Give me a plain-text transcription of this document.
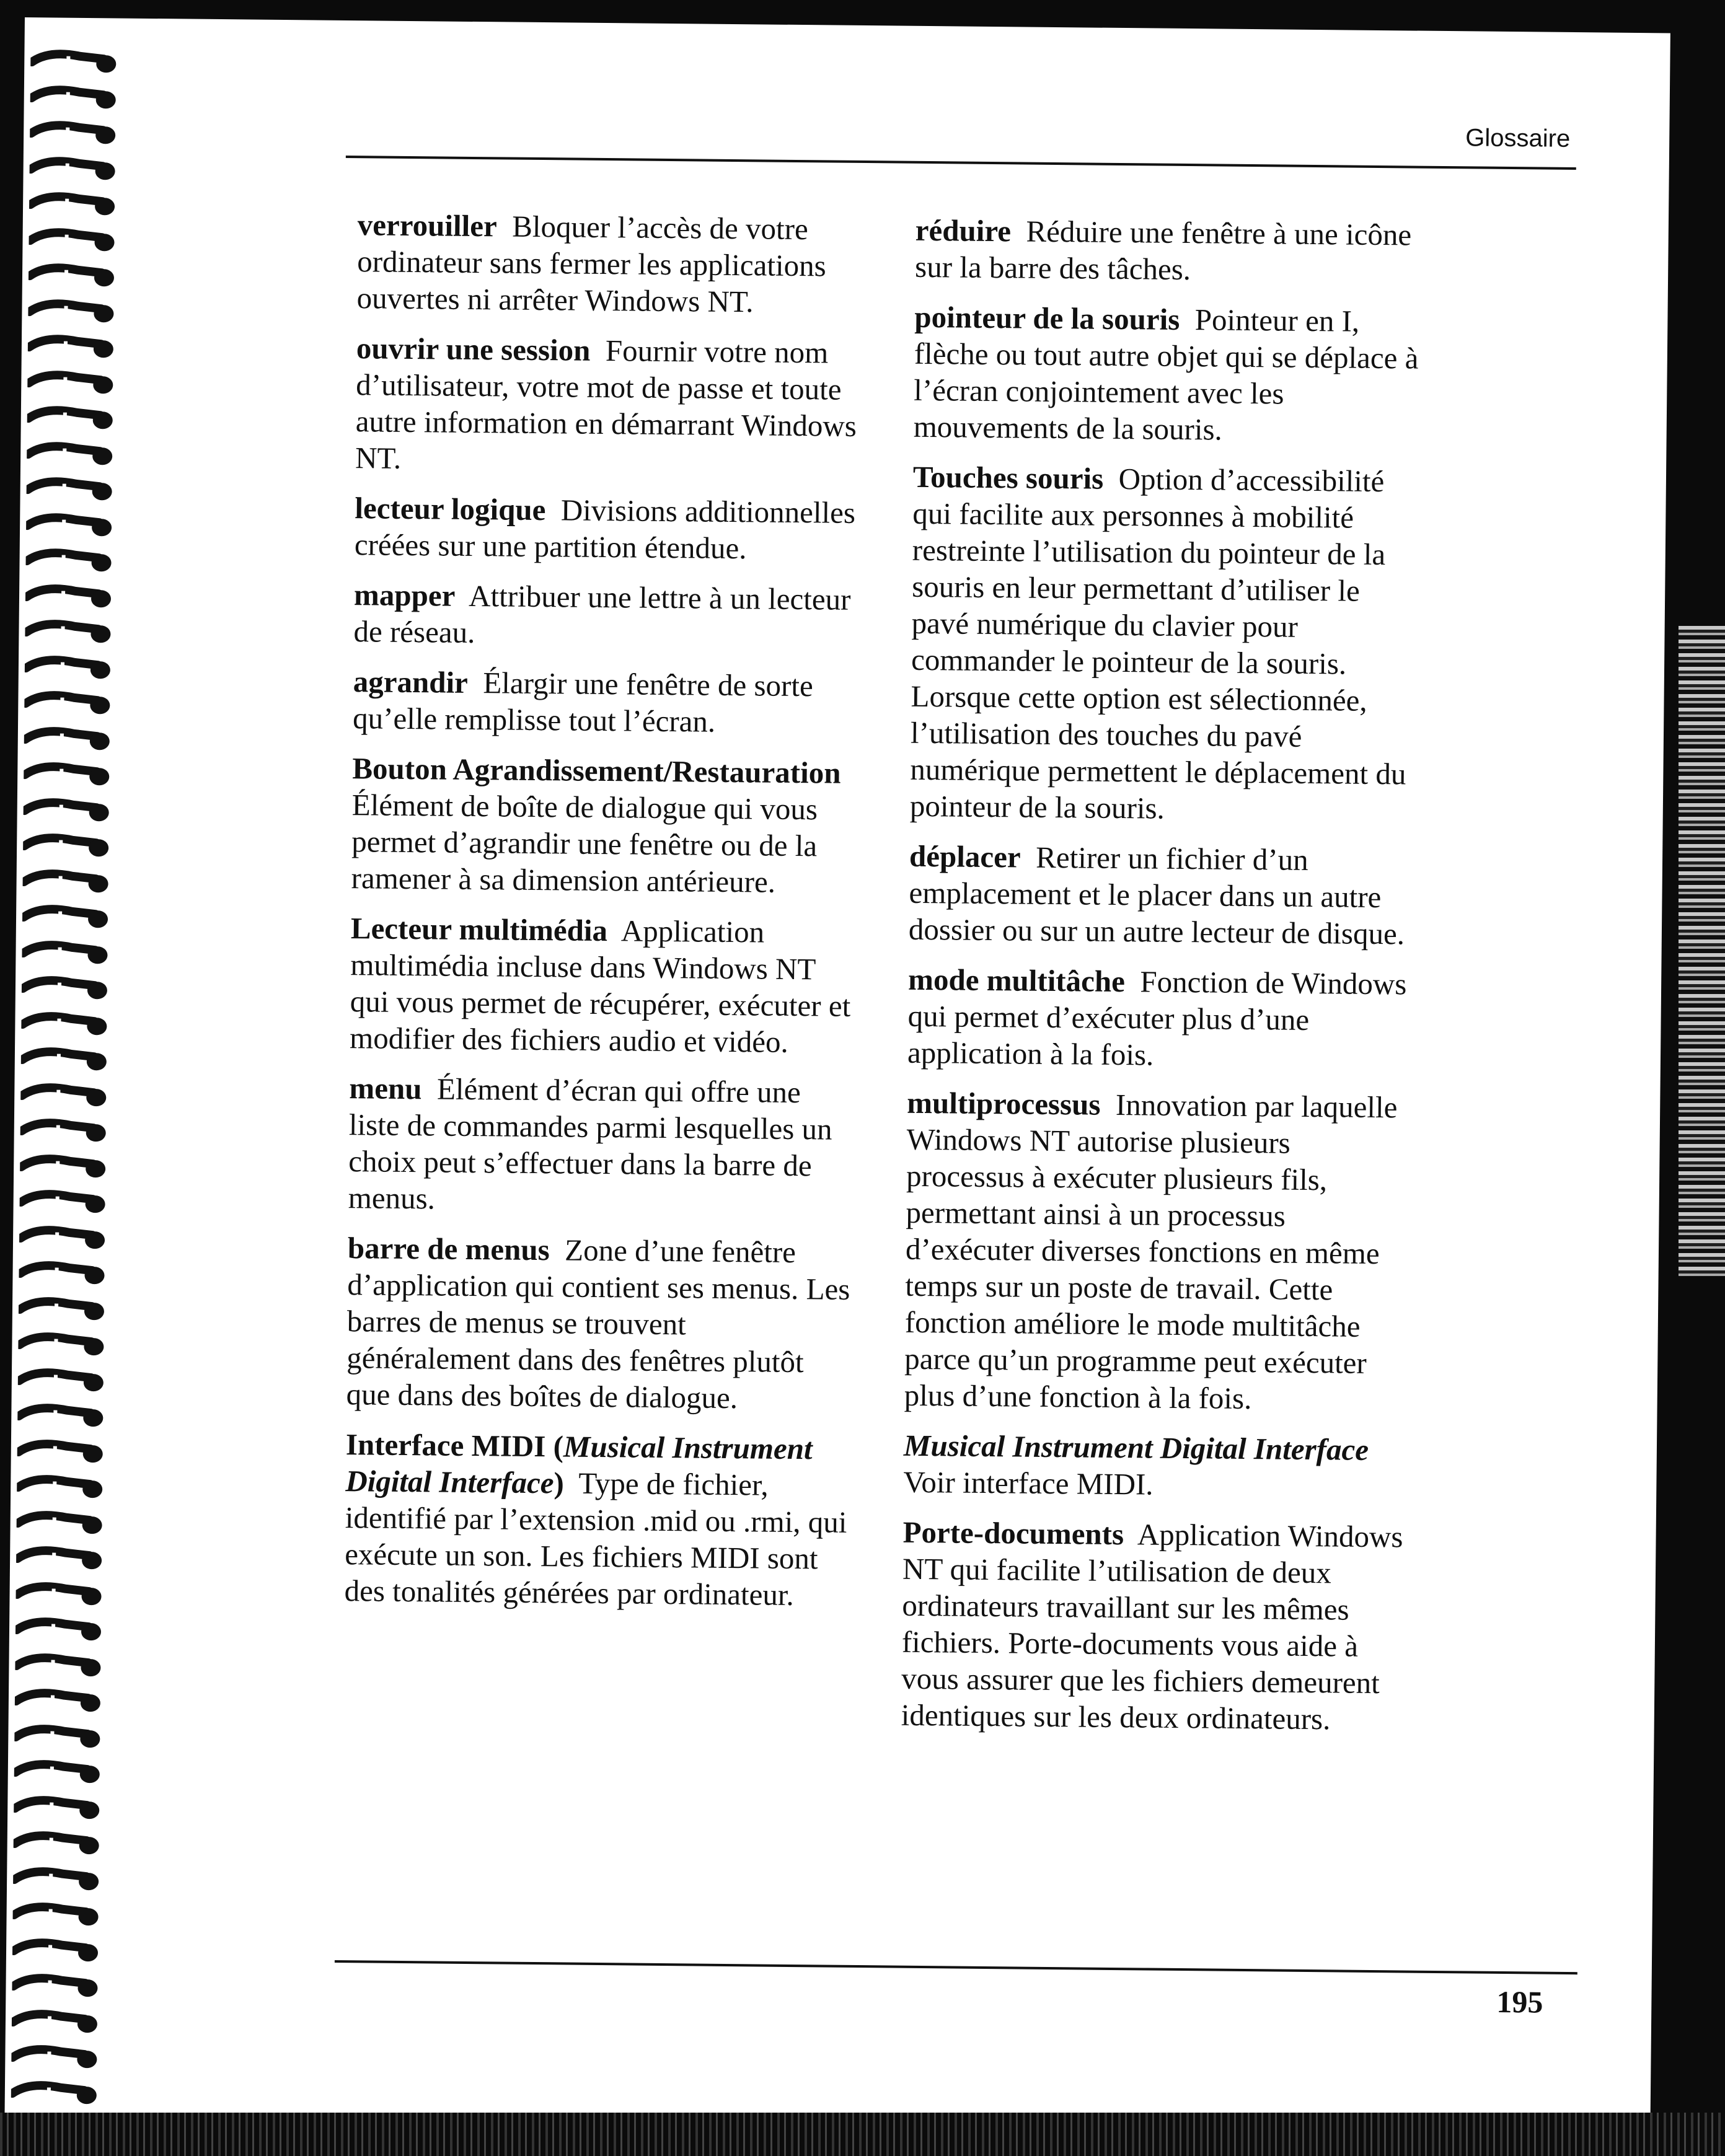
Glossaire

verrouiller Bloquer l’accès de votre ordinateur sans fermer les applications ouvertes ni arrêter Windows NT.

ouvrir une session Fournir votre nom d’utilisateur, votre mot de passe et toute autre information en démarrant Windows NT.

lecteur logique Divisions additionnelles créées sur une partition étendue.

mapper Attribuer une lettre à un lecteur de réseau.

agrandir Élargir une fenêtre de sorte qu’elle remplisse tout l’écran.

Bouton Agrandissement/Restauration  Élément de boîte de dialogue qui vous permet d’agrandir une fenêtre ou de la ramener à sa dimension antérieure.

Lecteur multimédia Application multimédia incluse dans Windows NT qui vous permet de récupérer, exécuter et modifier des fichiers audio et vidéo.

menu Élément d’écran qui offre une liste de commandes parmi lesquelles un choix peut s’effectuer dans la barre de menus.

barre de menus Zone d’une fenêtre d’application qui contient ses menus. Les barres de menus se trouvent généralement dans des fenêtres plutôt que dans des boîtes de dialogue.

Interface MIDI (Musical Instrument Digital Interface) Type de fichier, identifié par l’extension .mid ou .rmi, qui exécute un son. Les fichiers MIDI sont des tonalités générées par ordinateur.

réduire Réduire une fenêtre à une icône sur la barre des tâches.

pointeur de la souris Pointeur en I, flèche ou tout autre objet qui se déplace à l’écran conjointement avec les mouvements de la souris.

Touches souris Option d’accessibilité qui facilite aux personnes à mobilité restreinte l’utilisation du pointeur de la souris en leur permettant d’utiliser le pavé numérique du clavier pour commander le pointeur de la souris. Lorsque cette option est sélectionnée, l’utilisation des touches du pavé numérique permettent le déplacement du pointeur de la souris.

déplacer Retirer un fichier d’un emplacement et le placer dans un autre dossier ou sur un autre lecteur de disque.

mode multitâche Fonction de Windows qui permet d’exécuter plus d’une application à la fois.

multiprocessus Innovation par laquelle Windows NT autorise plusieurs processus à exécuter plusieurs fils, permettant ainsi à un processus d’exécuter diverses fonctions en même temps sur un poste de travail. Cette fonction améliore le mode multitâche parce qu’un programme peut exécuter plus d’une fonction à la fois.

Musical Instrument Digital Interface  Voir interface MIDI.

Porte-documents Application Windows NT qui facilite l’utilisation de deux ordinateurs travaillant sur les mêmes fichiers. Porte-documents vous aide à vous assurer que les fichiers demeurent identiques sur les deux ordinateurs.

195
